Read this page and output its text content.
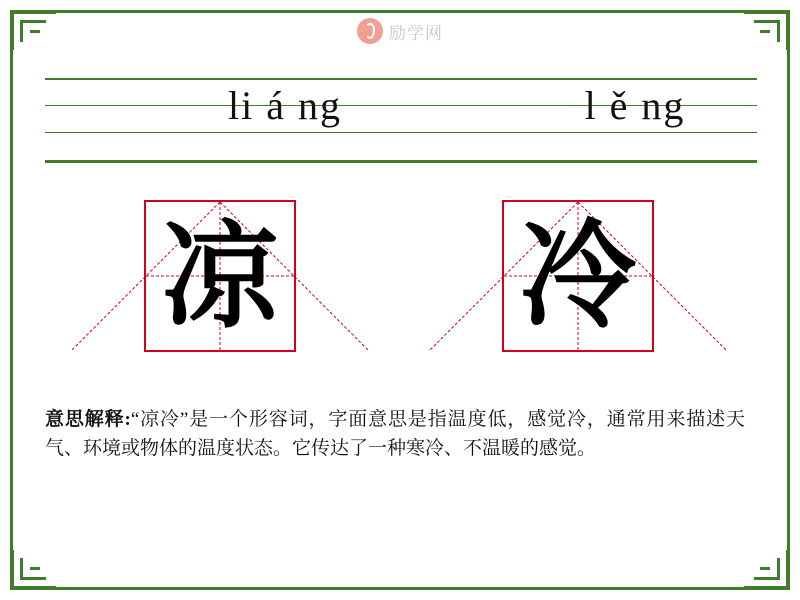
励学网
li á ng	l ě ng
凉 冷
意思解释:“凉冷”是一个形容词，字面意思是指温度低，感觉冷，通常用来描述天气、环境或物体的温度状态。它传达了一种寒冷、不温暖的感觉。
